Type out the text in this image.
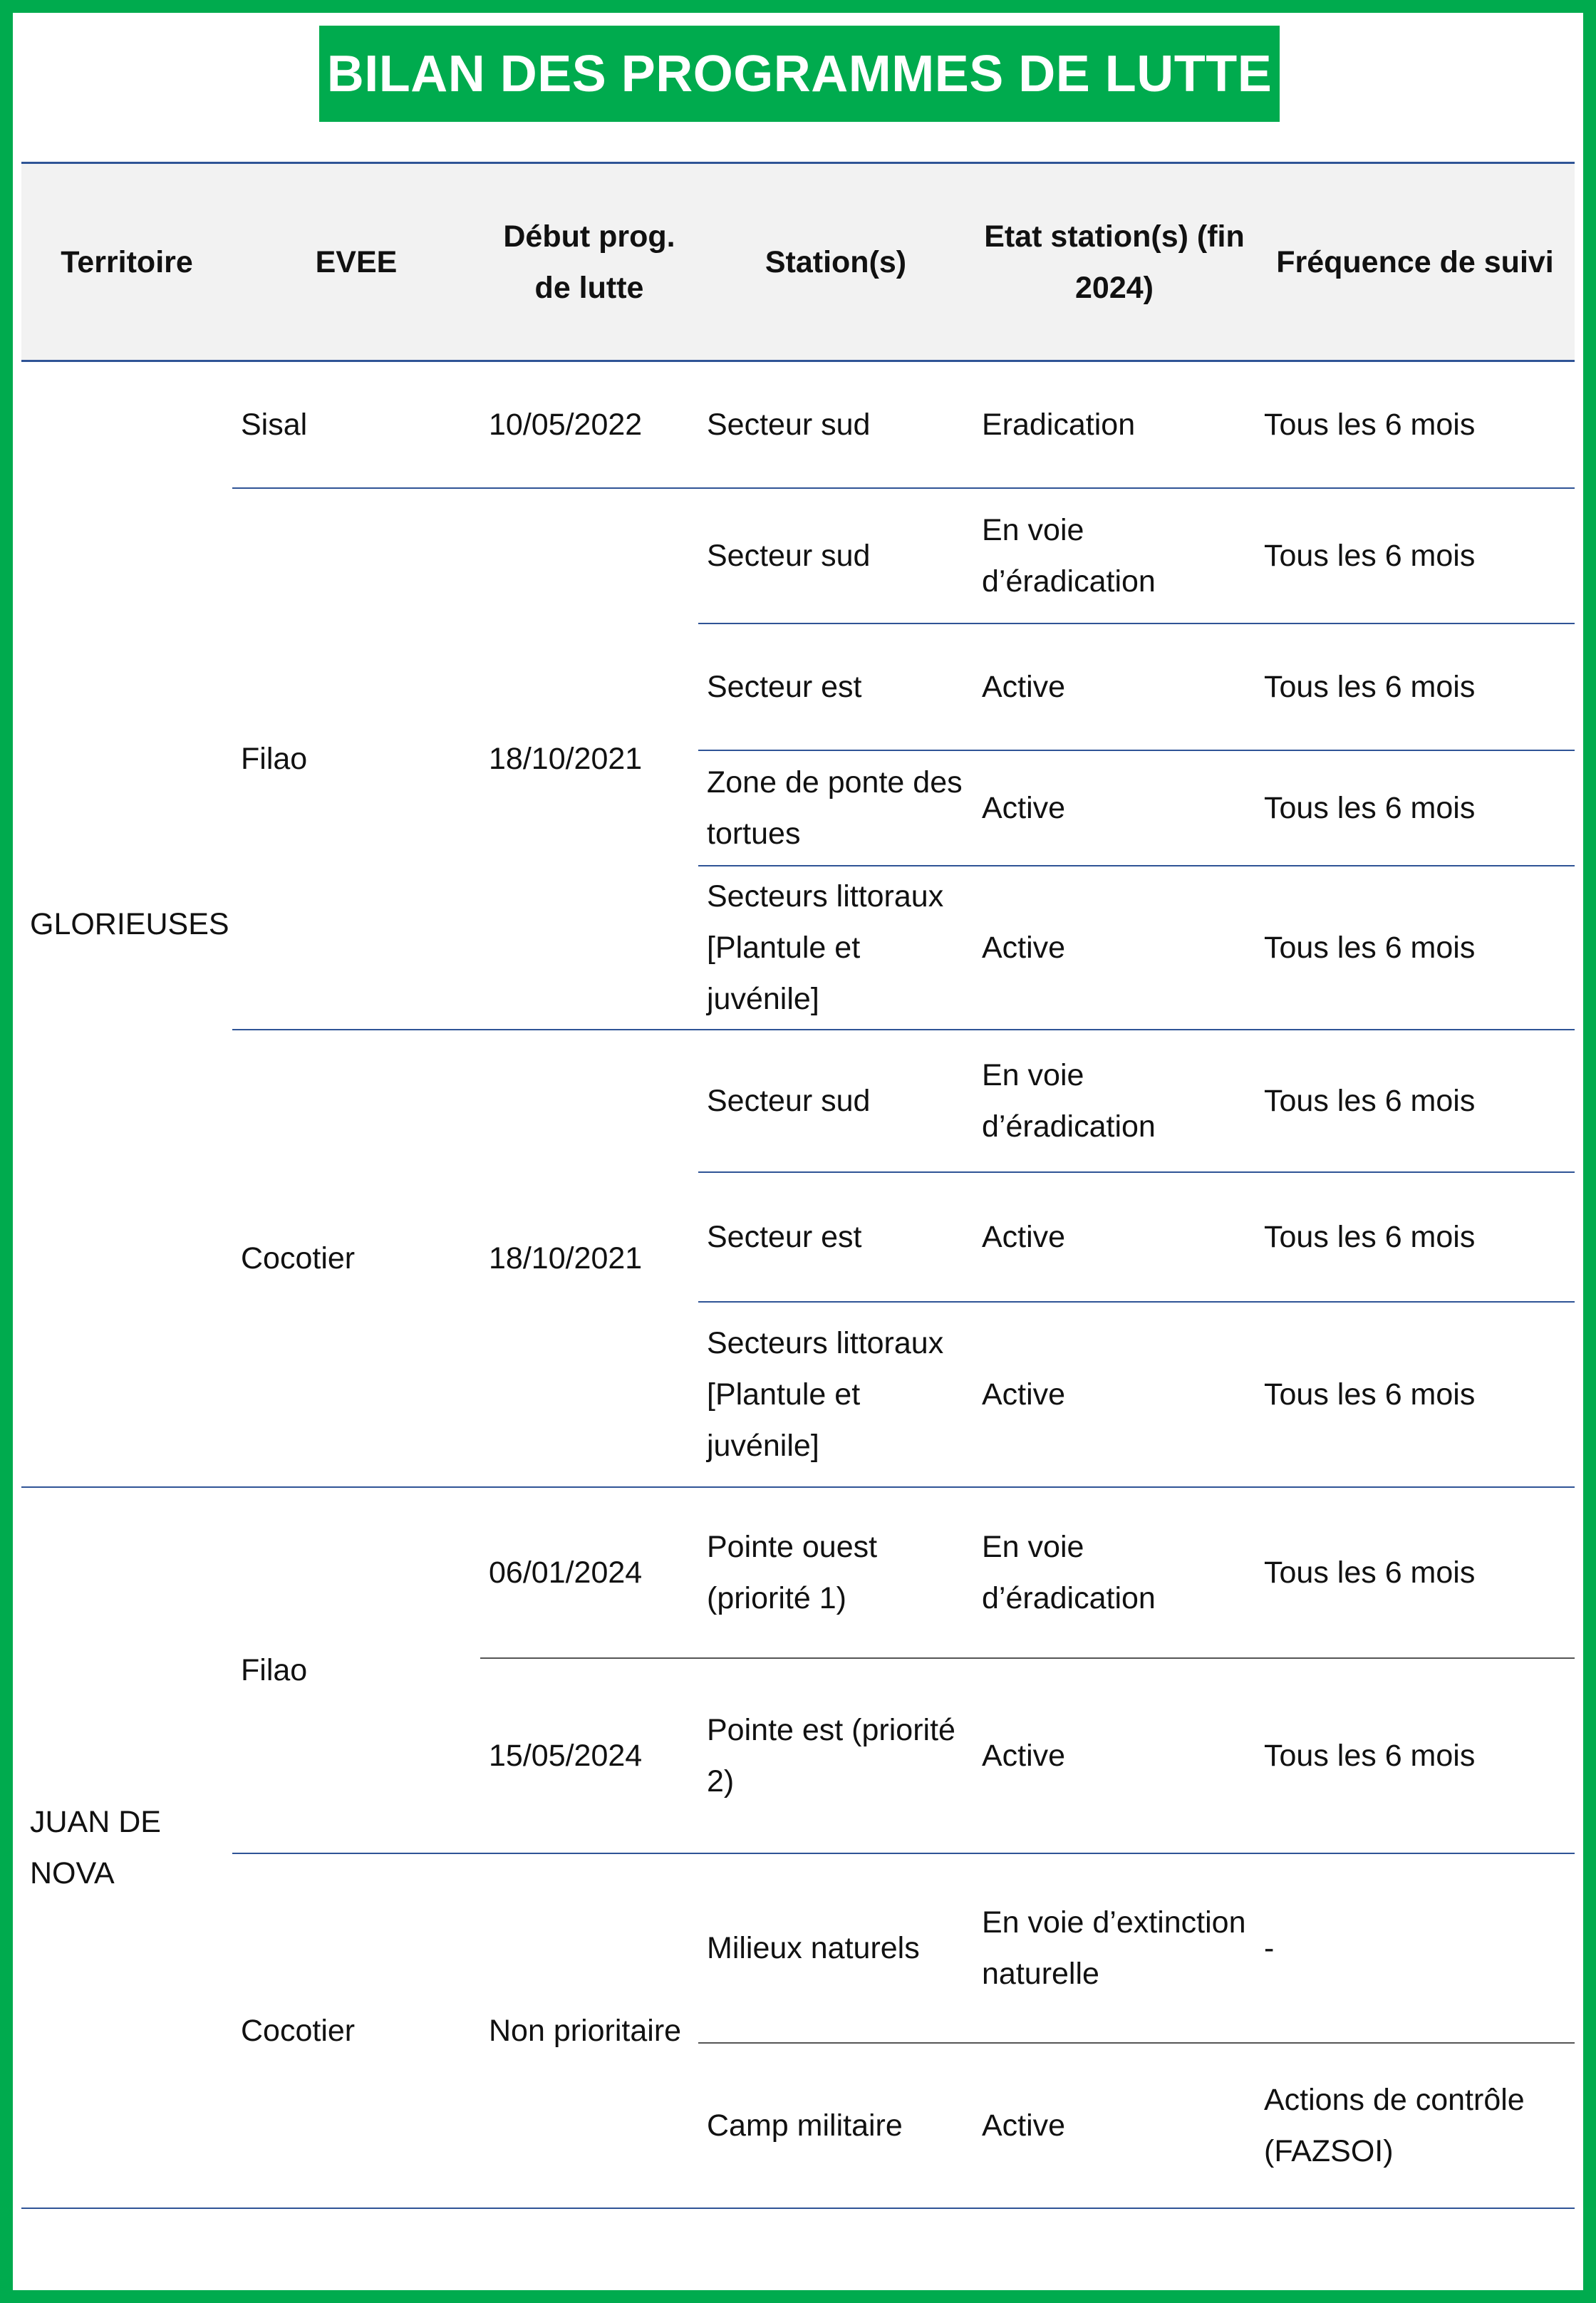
BILAN DES PROGRAMMES DE LUTTE
Territoire	EVEE	Début prog. de lutte	Station(s)	Etat station(s) (fin 2024)	Fréquence de suivi
GLORIEUSES	Sisal	10/05/2022	Secteur sud	Eradication	Tous les 6 mois
	Filao	18/10/2021	Secteur sud	En voie d’éradication	Tous les 6 mois
			Secteur est	Active	Tous les 6 mois
			Zone de ponte des tortues	Active	Tous les 6 mois
			Secteurs littoraux [Plantule et juvénile]	Active	Tous les 6 mois
	Cocotier	18/10/2021	Secteur sud	En voie d’éradication	Tous les 6 mois
			Secteur est	Active	Tous les 6 mois
			Secteurs littoraux [Plantule et juvénile]	Active	Tous les 6 mois
JUAN DE NOVA	Filao	06/01/2024	Pointe ouest (priorité 1)	En voie d’éradication	Tous les 6 mois
		15/05/2024	Pointe est (priorité 2)	Active	Tous les 6 mois
	Cocotier	Non prioritaire	Milieux naturels	En voie d’extinction naturelle	-
			Camp militaire	Active	Actions de contrôle (FAZSOI)
